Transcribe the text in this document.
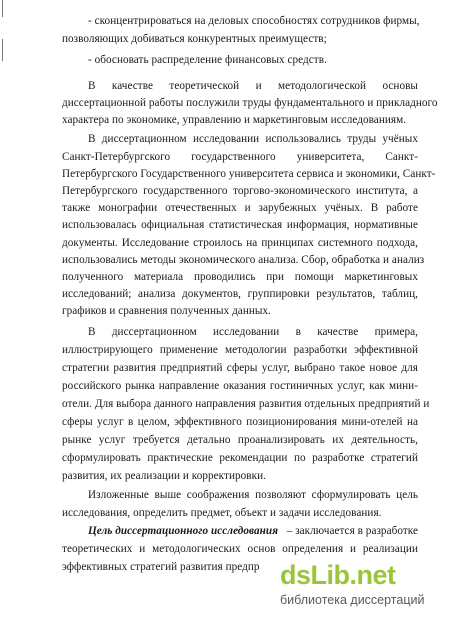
- сконцентрироваться на деловых способностях сотрудников фирмы,
позволяющих добиваться конкурентных преимуществ;
- обосновать распределение финансовых средств.
В качестве теоретической и методологической основы
диссертационной работы послужили труды фундаментального и прикладного
характера по экономике, управлению и маркетинговым исследованиям.
В диссертационном исследовании использовались труды учёных
Санкт-Петербургского государственного университета, Санкт-
Петербургского Государственного университета сервиса и экономики, Санкт-
Петербургского государственного торгово-экономического института, а
также монографии отечественных и зарубежных учёных. В работе
использовалась официальная статистическая информация, нормативные
документы. Исследование строилось на принципах системного подхода,
использовались методы экономического анализа. Сбор, обработка и анализ
полученного материала проводились при помощи маркетинговых
исследований; анализа документов, группировки результатов, таблиц,
графиков и сравнения полученных данных.
В диссертационном исследовании в качестве примера,
иллюстрирующего применение методологии разработки эффективной
стратегии развития предприятий сферы услуг, выбрано такое новое для
российского рынка направление оказания гостиничных услуг, как мини-
отели. Для выбора данного направления развития отдельных предприятий и
сферы услуг в целом, эффективного позиционирования мини-отелей на
рынке услуг требуется детально проанализировать их деятельность,
сформулировать практические рекомендации по разработке стратегий
развития, их реализации и корректировки.
Изложенные выше соображения позволяют сформулировать цель
исследования, определить предмет, объект и задачи исследования.
Цель диссертационного исследования – заключается в разработке
теоретических и методологических основ определения и реализации
эффективных стратегий развития предпр dsLib.net
библиотека диссертаций
